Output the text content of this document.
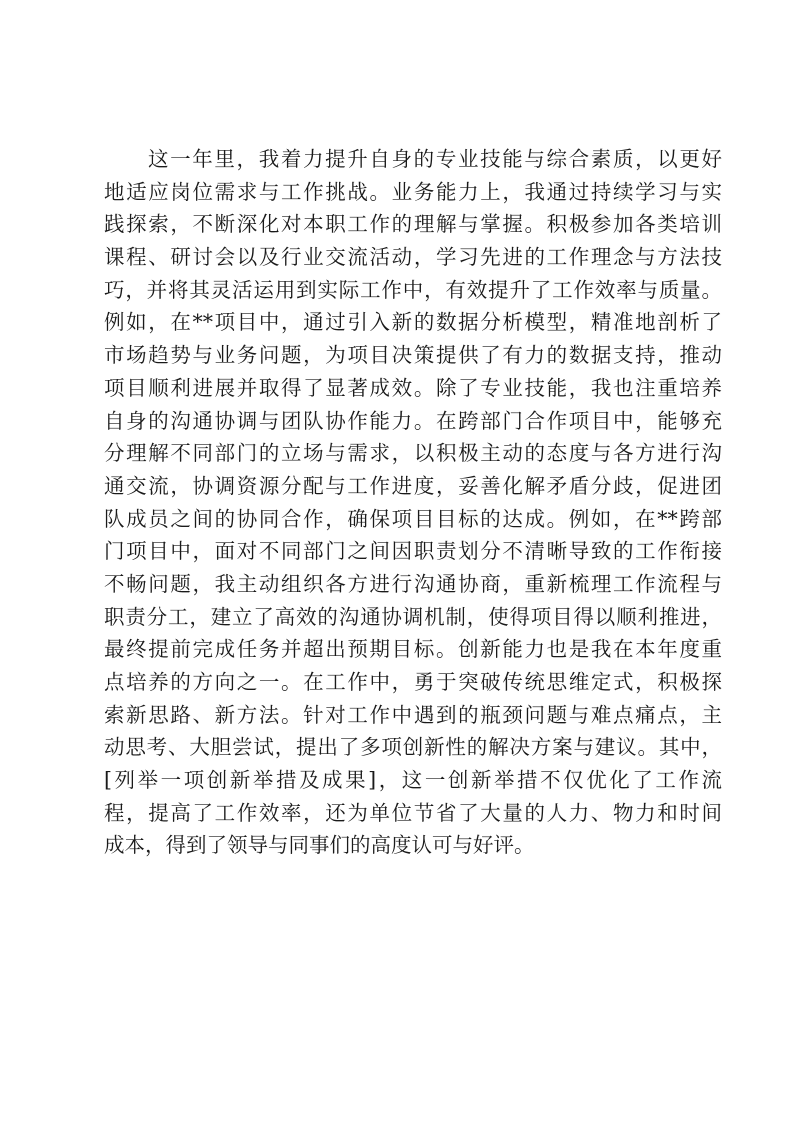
这一年里，我着力提升自身的专业技能与综合素质，以更好
地适应岗位需求与工作挑战。业务能力上，我通过持续学习与实
践探索，不断深化对本职工作的理解与掌握。积极参加各类培训
课程、研讨会以及行业交流活动，学习先进的工作理念与方法技
巧，并将其灵活运用到实际工作中，有效提升了工作效率与质量。
例如，在**项目中，通过引入新的数据分析模型，精准地剖析了
市场趋势与业务问题，为项目决策提供了有力的数据支持，推动
项目顺利进展并取得了显著成效。除了专业技能，我也注重培养
自身的沟通协调与团队协作能力。在跨部门合作项目中，能够充
分理解不同部门的立场与需求，以积极主动的态度与各方进行沟
通交流，协调资源分配与工作进度，妥善化解矛盾分歧，促进团
队成员之间的协同合作，确保项目目标的达成。例如，在**跨部
门项目中，面对不同部门之间因职责划分不清晰导致的工作衔接
不畅问题，我主动组织各方进行沟通协商，重新梳理工作流程与
职责分工，建立了高效的沟通协调机制，使得项目得以顺利推进，
最终提前完成任务并超出预期目标。创新能力也是我在本年度重
点培养的方向之一。在工作中，勇于突破传统思维定式，积极探
索新思路、新方法。针对工作中遇到的瓶颈问题与难点痛点，主
动思考、大胆尝试，提出了多项创新性的解决方案与建议。其中，
[列举一项创新举措及成果]，这一创新举措不仅优化了工作流
程，提高了工作效率，还为单位节省了大量的人力、物力和时间
成本，得到了领导与同事们的高度认可与好评。
